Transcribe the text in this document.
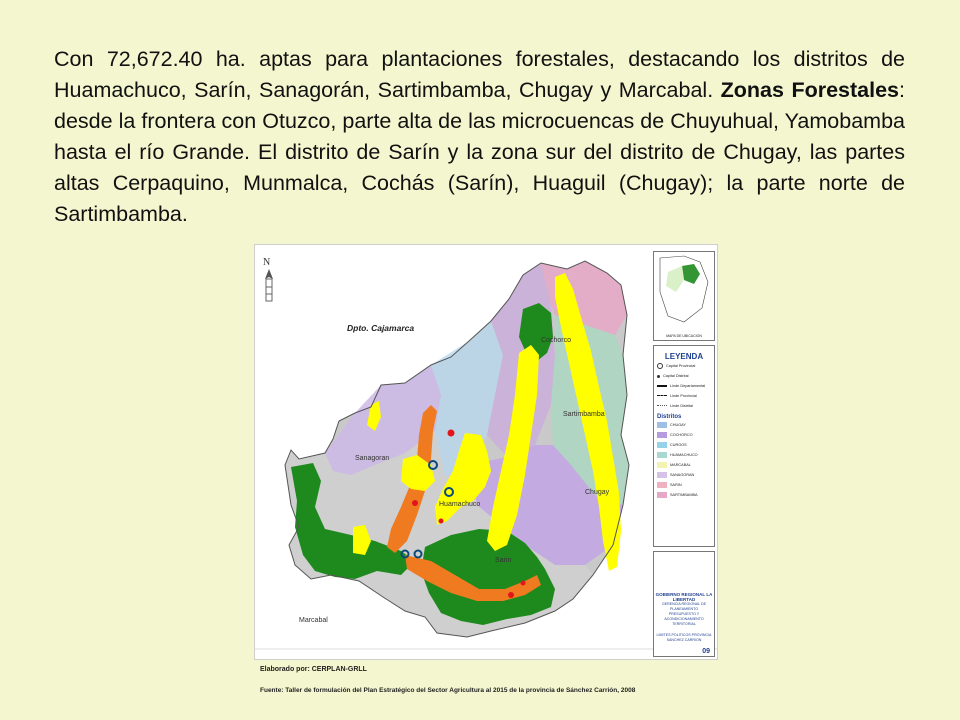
Con 72,672.40 ha. aptas para plantaciones forestales, destacando los distritos de Huamachuco, Sarín, Sanagorán, Sartimbamba, Chugay y Marcabal. Zonas Forestales: desde la frontera con Otuzco, parte alta de las microcuencas de Chuyuhual, Yamobamba hasta el río Grande. El distrito de Sarín y la zona sur del distrito de Chugay, las partes altas Cerpaquino, Munmalca, Cochás (Sarín), Huaguil (Chugay); la parte norte de Sartimbamba.
N
Dpto. Cajamarca
Sanagoran
Huamachuco
Sartimbamba
Cochorco
Sarin
Chugay
Marcabal
MAPA DE UBICACION
LEYENDA
Capital Provincial
Capital Distrital
Linde Departamental
Linde Provincial
Linde Distrital
Distritos
CHUGAY
COCHORCO
CURGOS
HUAMACHUCO
MARCABAL
SANAGORAN
SARIN
SARTIMBAMBA
GOBIERNO REGIONAL LA LIBERTAD
GERENCIA REGIONAL DE PLANEAMIENTO
PRESUPUESTO Y ACONDICIONAMIENTO TERRITORIAL
LIMITES POLITICOS PROVINCIA SANCHEZ CARRION
09
Elaborado por: CERPLAN-GRLL
Fuente: Taller de formulación del Plan Estratégico del Sector Agricultura al 2015 de la provincia de Sánchez Carrión, 2008
